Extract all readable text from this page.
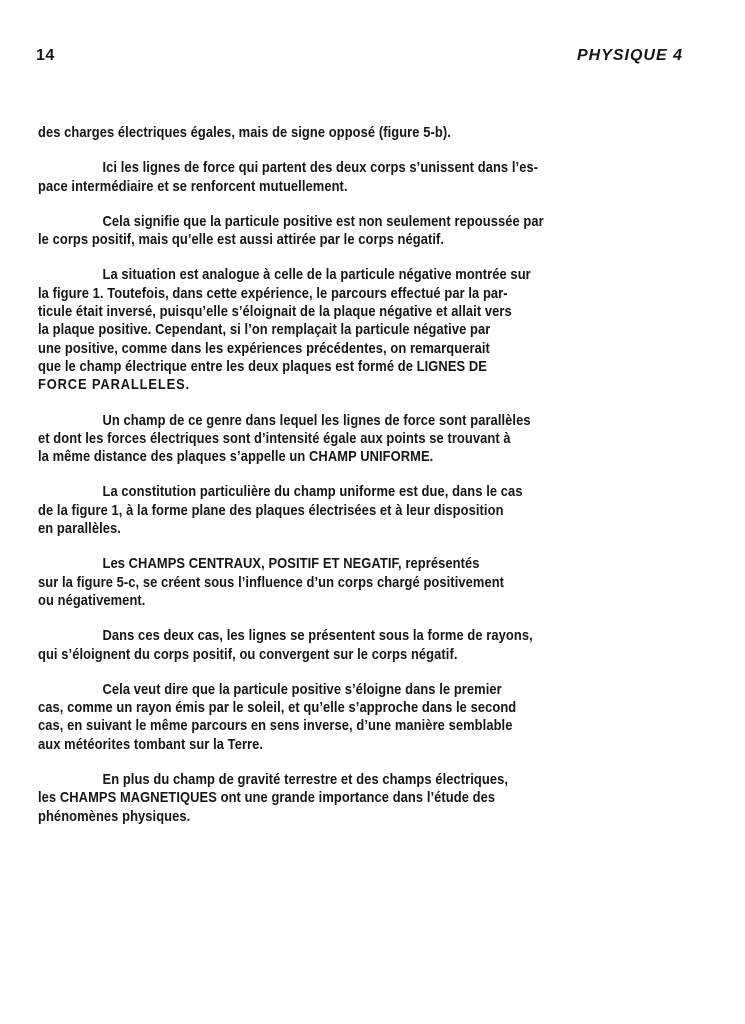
14	PHYSIQUE 4

des charges électriques égales, mais de signe opposé (figure 5-b).

Ici les lignes de force qui partent des deux corps s’unissent dans l’es-
pace intermédiaire et se renforcent mutuellement.

Cela signifie que la particule positive est non seulement repoussée par
le corps positif, mais qu’elle est aussi attirée par le corps négatif.

La situation est analogue à celle de la particule négative montrée sur
la figure 1. Toutefois, dans cette expérience, le parcours effectué par la par-
ticule était inversé, puisqu’elle s’éloignait de la plaque négative et allait vers
la plaque positive. Cependant, si l’on remplaçait la particule négative par
une positive, comme dans les expériences précédentes, on remarquerait
que le champ électrique entre les deux plaques est formé de LIGNES DE
FORCE PARALLELES.

Un champ de ce genre dans lequel les lignes de force sont parallèles
et dont les forces électriques sont d’intensité égale aux points se trouvant à
la même distance des plaques s’appelle un CHAMP UNIFORME.

La constitution particulière du champ uniforme est due, dans le cas
de la figure 1, à la forme plane des plaques électrisées et à leur disposition
en parallèles.

Les CHAMPS CENTRAUX, POSITIF ET NEGATIF, représentés
sur la figure 5-c, se créent sous l’influence d’un corps chargé positivement
ou négativement.

Dans ces deux cas, les lignes se présentent sous la forme de rayons,
qui s’éloignent du corps positif, ou convergent sur le corps négatif.

Cela veut dire que la particule positive s’éloigne dans le premier
cas, comme un rayon émis par le soleil, et qu’elle s’approche dans le second
cas, en suivant le même parcours en sens inverse, d’une manière semblable
aux météorites tombant sur la Terre.

En plus du champ de gravité terrestre et des champs électriques,
les CHAMPS MAGNETIQUES ont une grande importance dans l’étude des
phénomènes physiques.
